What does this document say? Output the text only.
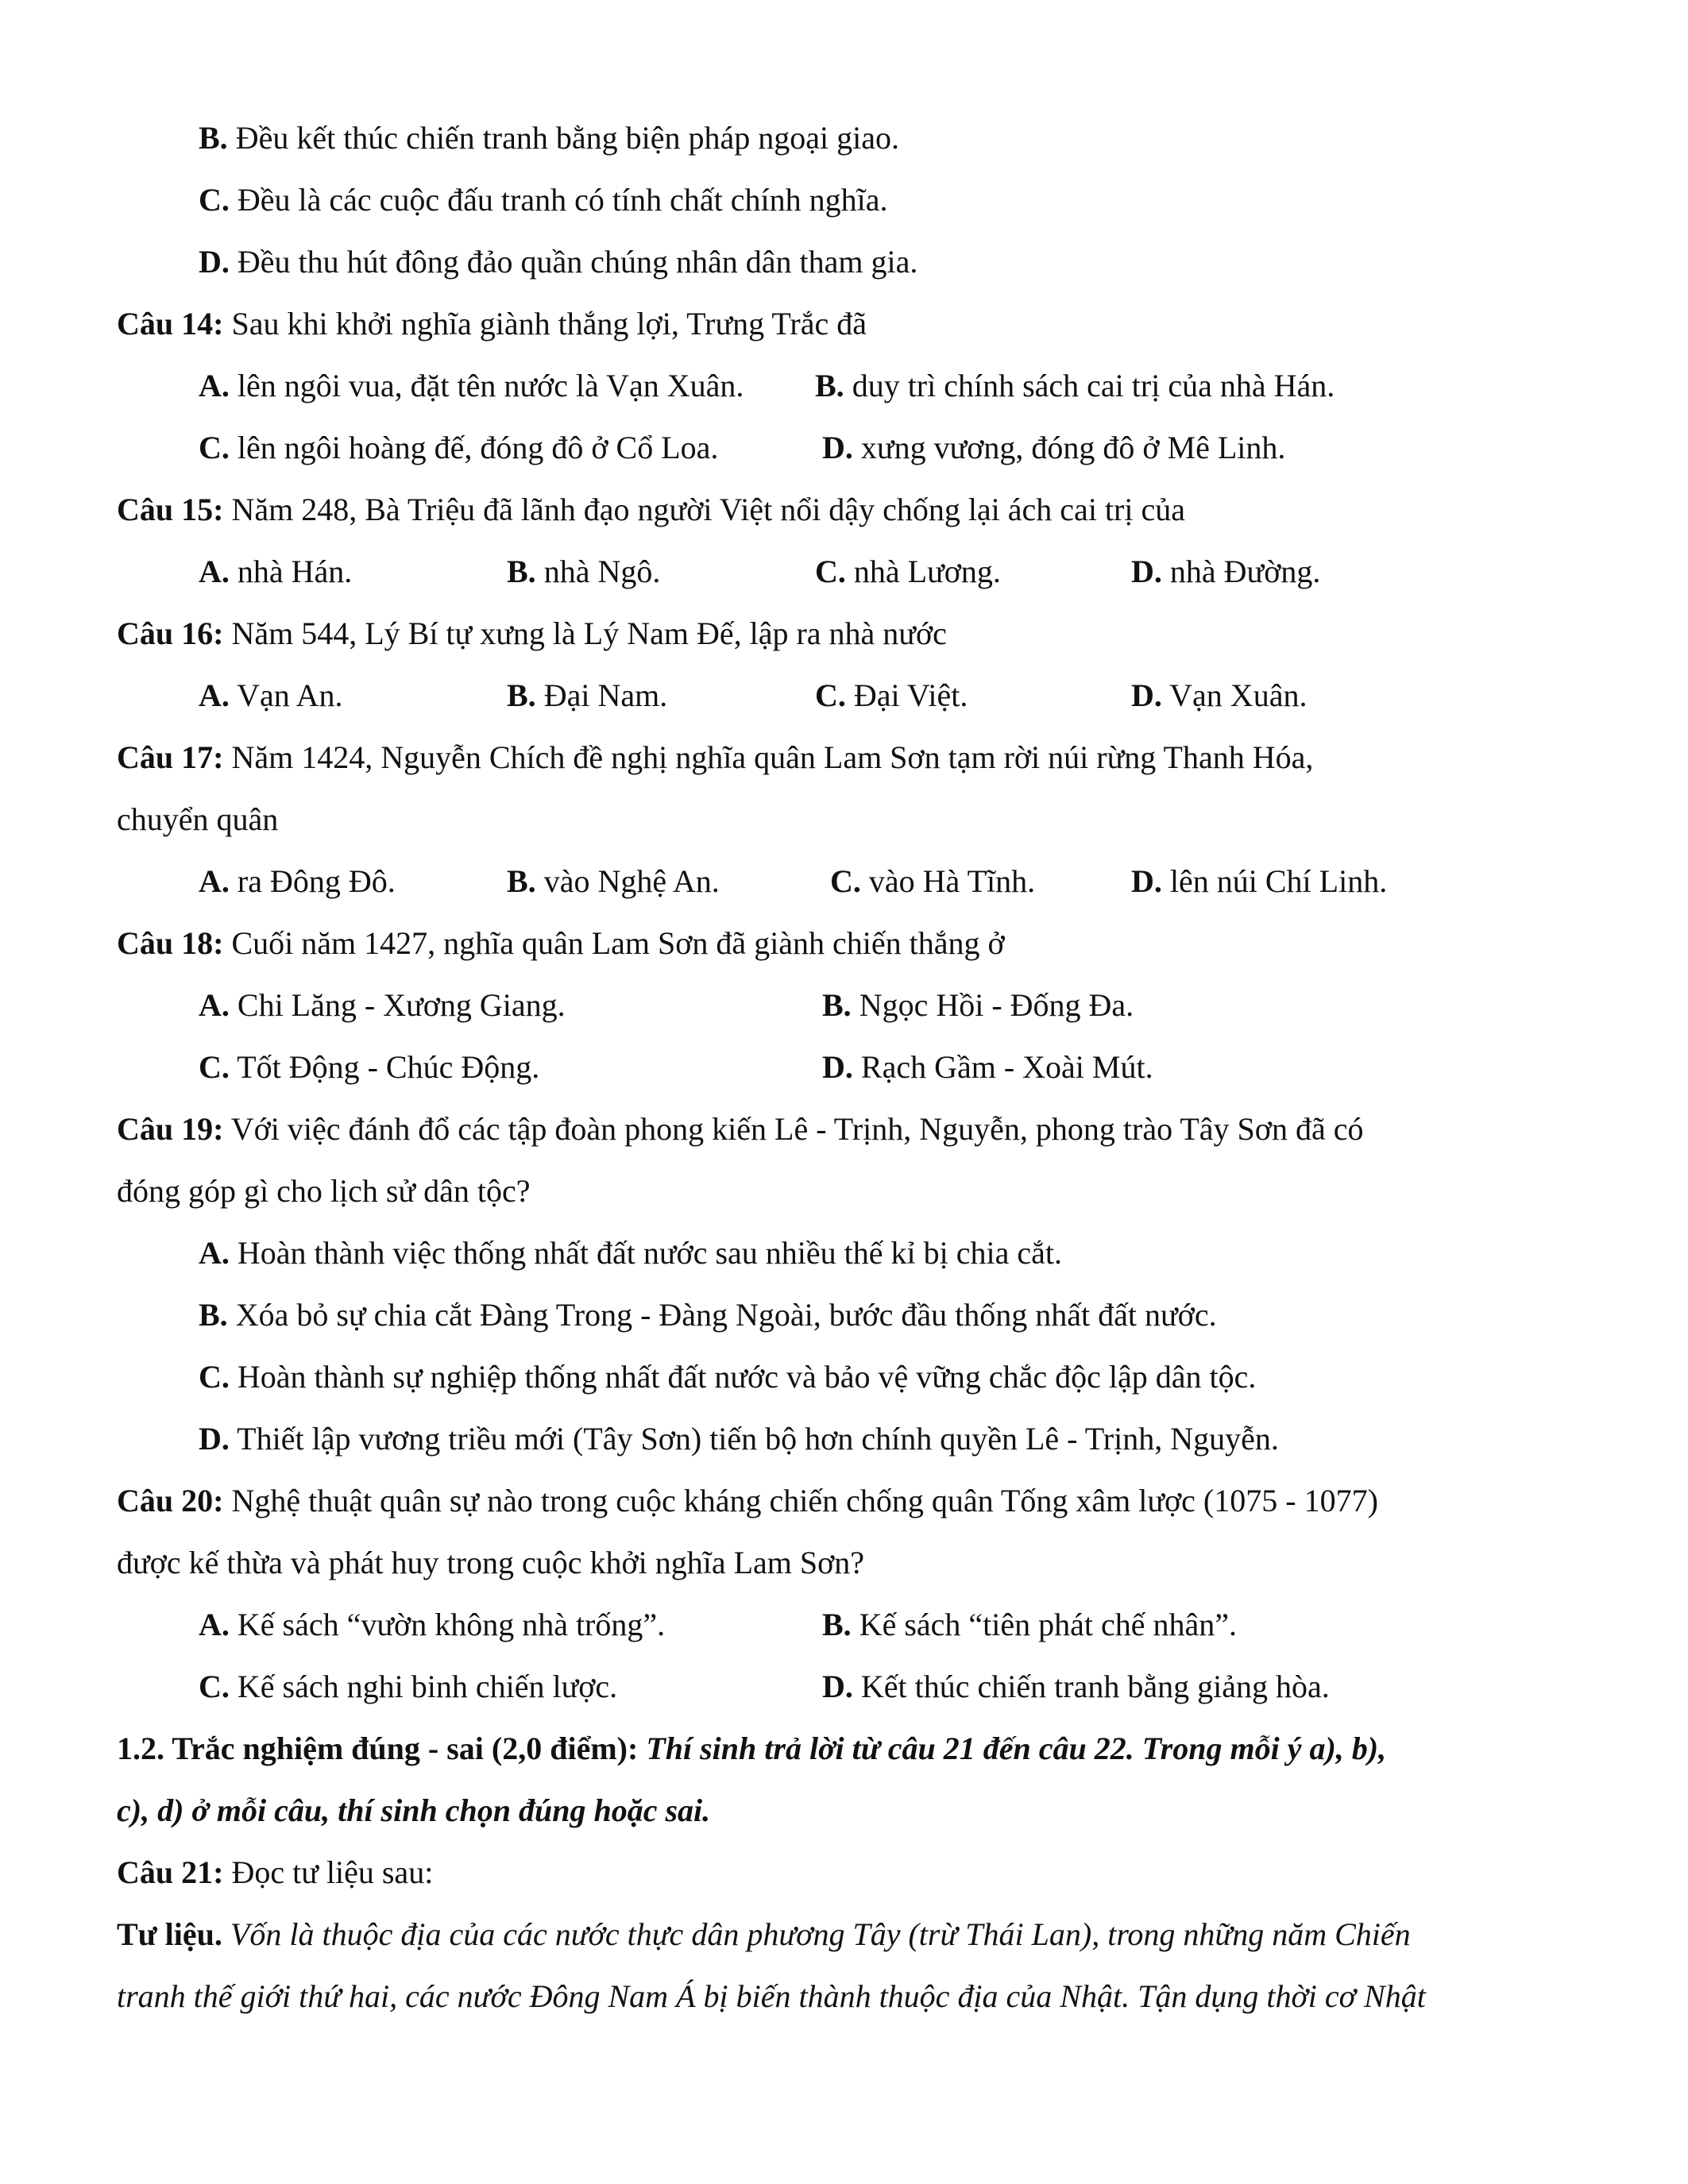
B. Đều kết thúc chiến tranh bằng biện pháp ngoại giao.
C. Đều là các cuộc đấu tranh có tính chất chính nghĩa.
D. Đều thu hút đông đảo quần chúng nhân dân tham gia.
Câu 14: Sau khi khởi nghĩa giành thắng lợi, Trưng Trắc đã
A. lên ngôi vua, đặt tên nước là Vạn Xuân. B. duy trì chính sách cai trị của nhà Hán.
C. lên ngôi hoàng đế, đóng đô ở Cổ Loa.	D. xưng vương, đóng đô ở Mê Linh.
Câu 15: Năm 248, Bà Triệu đã lãnh đạo người Việt nổi dậy chống lại ách cai trị của
A. nhà Hán.	B. nhà Ngô.	C. nhà Lương.	D. nhà Đường.
Câu 16: Năm 544, Lý Bí tự xưng là Lý Nam Đế, lập ra nhà nước
A. Vạn An.	B. Đại Nam.	C. Đại Việt.	D. Vạn Xuân.
Câu 17: Năm 1424, Nguyễn Chích đề nghị nghĩa quân Lam Sơn tạm rời núi rừng Thanh Hóa,
chuyển quân
A. ra Đông Đô.	B. vào Nghệ An.	C. vào Hà Tĩnh.	D. lên núi Chí Linh.
Câu 18: Cuối năm 1427, nghĩa quân Lam Sơn đã giành chiến thắng ở
A. Chi Lăng - Xương Giang.	B. Ngọc Hồi - Đống Đa.
C. Tốt Động - Chúc Động.	D. Rạch Gầm - Xoài Mút.
Câu 19: Với việc đánh đổ các tập đoàn phong kiến Lê - Trịnh, Nguyễn, phong trào Tây Sơn đã có
đóng góp gì cho lịch sử dân tộc?
A. Hoàn thành việc thống nhất đất nước sau nhiều thế kỉ bị chia cắt.
B. Xóa bỏ sự chia cắt Đàng Trong - Đàng Ngoài, bước đầu thống nhất đất nước.
C. Hoàn thành sự nghiệp thống nhất đất nước và bảo vệ vững chắc độc lập dân tộc.
D. Thiết lập vương triều mới (Tây Sơn) tiến bộ hơn chính quyền Lê - Trịnh, Nguyễn.
Câu 20: Nghệ thuật quân sự nào trong cuộc kháng chiến chống quân Tống xâm lược (1075 - 1077)
được kế thừa và phát huy trong cuộc khởi nghĩa Lam Sơn?
A. Kế sách “vườn không nhà trống”.	B. Kế sách “tiên phát chế nhân”.
C. Kế sách nghi binh chiến lược.	D. Kết thúc chiến tranh bằng giảng hòa.
1.2. Trắc nghiệm đúng - sai (2,0 điểm): Thí sinh trả lời từ câu 21 đến câu 22. Trong mỗi ý a), b),
c), d) ở mỗi câu, thí sinh chọn đúng hoặc sai.
Câu 21: Đọc tư liệu sau:
Tư liệu. Vốn là thuộc địa của các nước thực dân phương Tây (trừ Thái Lan), trong những năm Chiến
tranh thế giới thứ hai, các nước Đông Nam Á bị biến thành thuộc địa của Nhật. Tận dụng thời cơ Nhật
